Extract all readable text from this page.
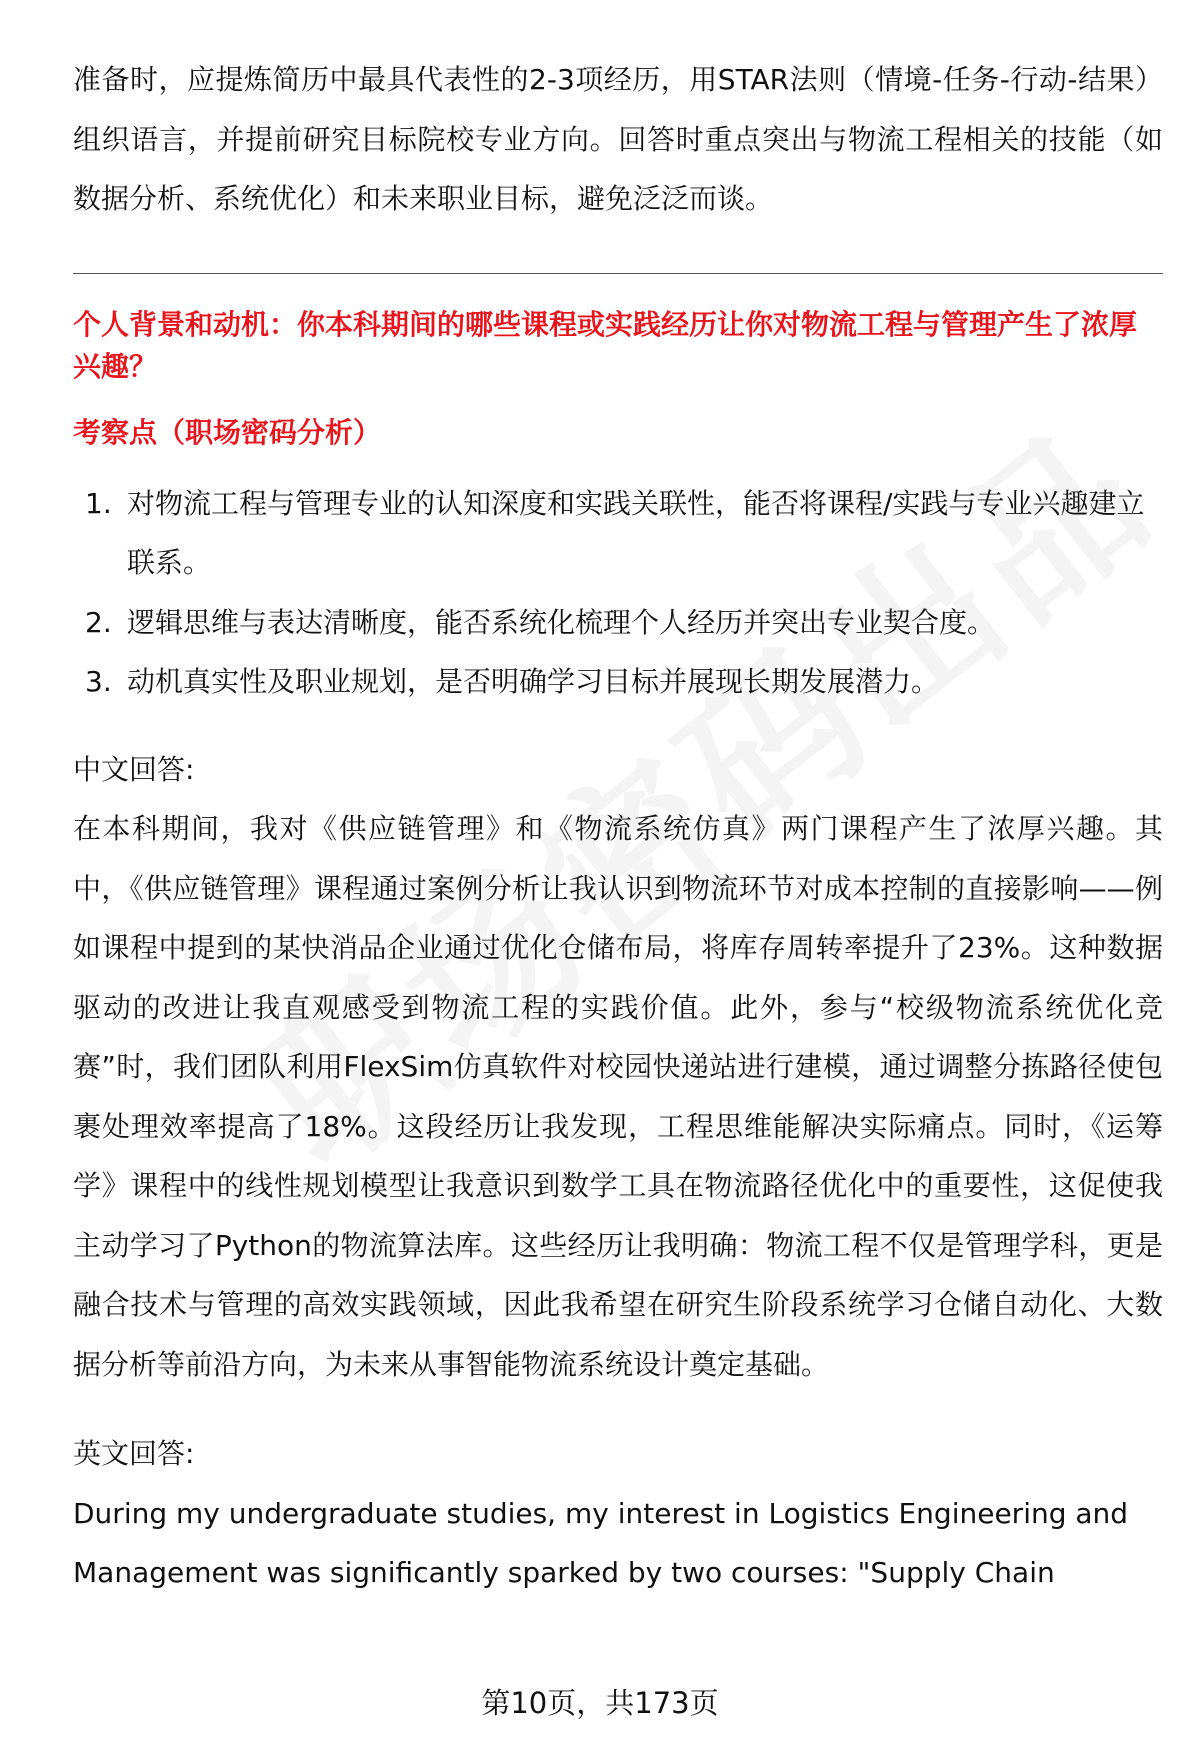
准备时，应提炼简历中最具代表性的2-3项经历，用STAR法则（情境-任务-行动-结果）组织语言，并提前研究目标院校专业方向。回答时重点突出与物流工程相关的技能（如数据分析、系统优化）和未来职业目标，避免泛泛而谈。

个人背景和动机：你本科期间的哪些课程或实践经历让你对物流工程与管理产生了浓厚兴趣？

考察点（职场密码分析）

1. 对物流工程与管理专业的认知深度和实践关联性，能否将课程/实践与专业兴趣建立联系。
2. 逻辑思维与表达清晰度，能否系统化梳理个人经历并突出专业契合度。
3. 动机真实性及职业规划，是否明确学习目标并展现长期发展潜力。

中文回答:

在本科期间，我对《供应链管理》和《物流系统仿真》两门课程产生了浓厚兴趣。其中，《供应链管理》课程通过案例分析让我认识到物流环节对成本控制的直接影响——例如课程中提到的某快消品企业通过优化仓储布局，将库存周转率提升了23%。这种数据驱动的改进让我直观感受到物流工程的实践价值。此外，参与“校级物流系统优化竞赛”时，我们团队利用FlexSim仿真软件对校园快递站进行建模，通过调整分拣路径使包裹处理效率提高了18%。这段经历让我发现，工程思维能解决实际痛点。同时，《运筹学》课程中的线性规划模型让我意识到数学工具在物流路径优化中的重要性，这促使我主动学习了Python的物流算法库。这些经历让我明确：物流工程不仅是管理学科，更是融合技术与管理的高效实践领域，因此我希望在研究生阶段系统学习仓储自动化、大数据分析等前沿方向，为未来从事智能物流系统设计奠定基础。

英文回答:

During my undergraduate studies, my interest in Logistics Engineering and Management was significantly sparked by two courses: "Supply Chain

第10页，共173页
